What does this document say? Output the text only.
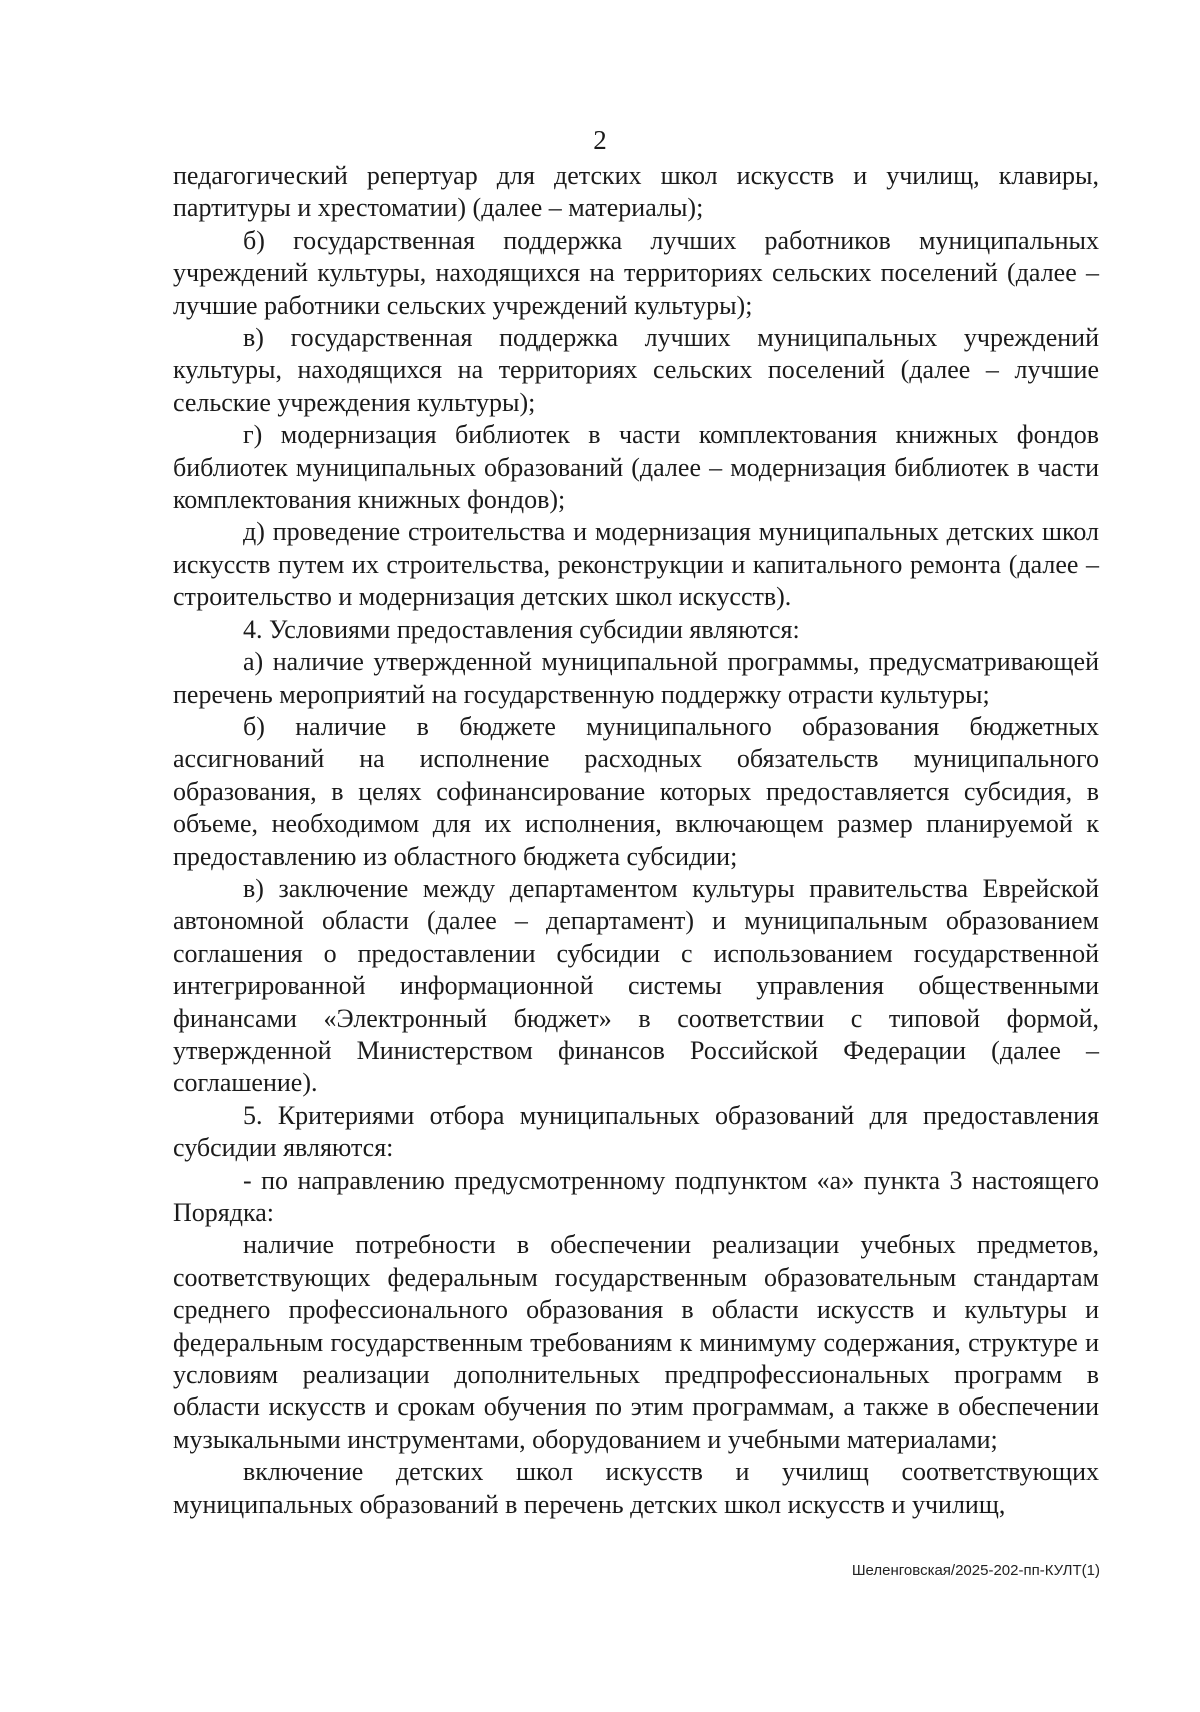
2

педагогический репертуар для детских школ искусств и училищ, клавиры, партитуры и хрестоматии) (далее – материалы);

б) государственная поддержка лучших работников муниципальных учреждений культуры, находящихся на территориях сельских поселений (далее – лучшие работники сельских учреждений культуры);

в) государственная поддержка лучших муниципальных учреждений культуры, находящихся на территориях сельских поселений (далее – лучшие сельские учреждения культуры);

г) модернизация библиотек в части комплектования книжных фондов библиотек муниципальных образований (далее – модернизация библиотек в части комплектования книжных фондов);

д) проведение строительства и модернизация муниципальных детских школ искусств путем их строительства, реконструкции и капитального ремонта (далее – строительство и модернизация детских школ искусств).

4. Условиями предоставления субсидии являются:

а) наличие утвержденной муниципальной программы, предусматривающей перечень мероприятий на государственную поддержку отрасти культуры;

б) наличие в бюджете муниципального образования бюджетных ассигнований на исполнение расходных обязательств муниципального образования, в целях софинансирование которых предоставляется субсидия, в объеме, необходимом для их исполнения, включающем размер планируемой к предоставлению из областного бюджета субсидии;

в) заключение между департаментом культуры правительства Еврейской автономной области (далее – департамент) и муниципальным образованием соглашения о предоставлении субсидии с использованием государственной интегрированной информационной системы управления общественными финансами «Электронный бюджет» в соответствии с типовой формой, утвержденной Министерством финансов Российской Федерации (далее – соглашение).

5. Критериями отбора муниципальных образований для предоставления субсидии являются:

- по направлению предусмотренному подпунктом «а» пункта 3 настоящего Порядка:

наличие потребности в обеспечении реализации учебных предметов, соответствующих федеральным государственным образовательным стандартам среднего профессионального образования в области искусств и культуры и федеральным государственным требованиям к минимуму содержания, структуре и условиям реализации дополнительных предпрофессиональных программ в области искусств и срокам обучения по этим программам, а также в обеспечении музыкальными инструментами, оборудованием и учебными материалами;

включение детских школ искусств и училищ соответствующих муниципальных образований в перечень детских школ искусств и училищ,

Шеленговская/2025-202-пп-КУЛТ(1)
